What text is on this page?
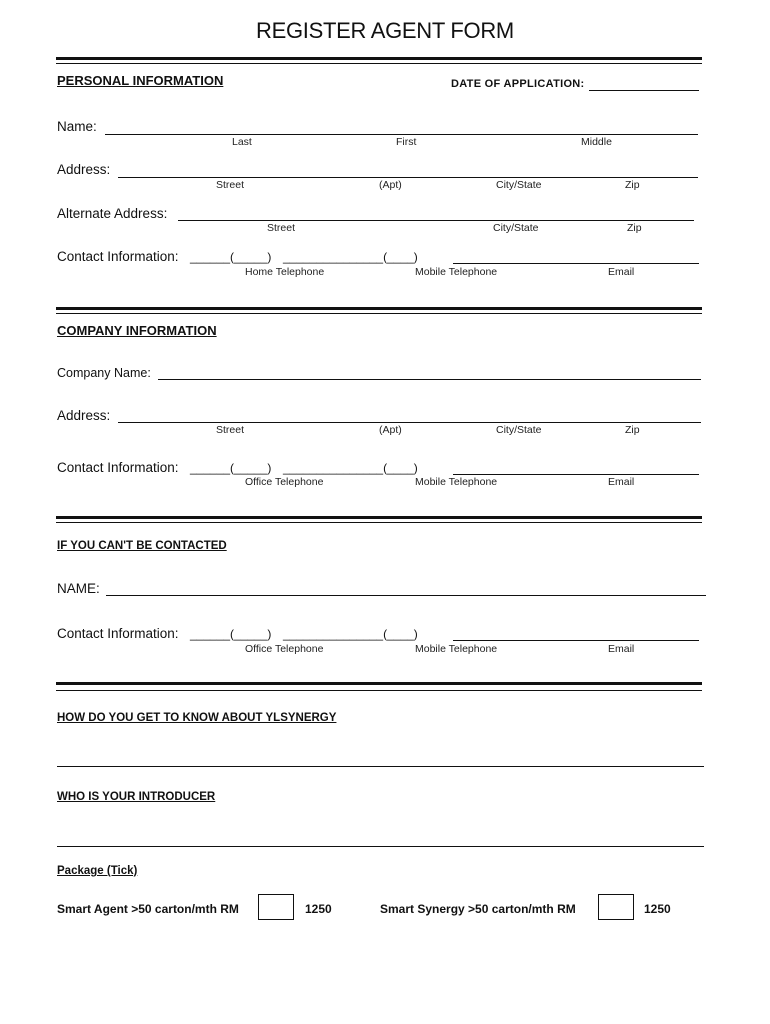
REGISTER AGENT FORM
PERSONAL INFORMATION	DATE OF APPLICATION:
Name:
Last	First	Middle
Address:
Street	(Apt)	City/State	Zip
Alternate Address:
Street	City/State	Zip
Contact Information: ______(_____) _______________(____)
Home Telephone	Mobile Telephone	Email
COMPANY INFORMATION
Company Name:
Address:
Street	(Apt)	City/State	Zip
Contact Information: ______(_____) _______________(____)
Office Telephone	Mobile Telephone	Email
IF YOU CAN'T BE CONTACTED
NAME:
Contact Information: ______(_____) _______________(____)
Office Telephone	Mobile Telephone	Email
HOW DO YOU GET TO KNOW ABOUT YLSYNERGY
WHO IS YOUR INTRODUCER
Package (Tick)
Smart Agent >50 carton/mth RM	1250	Smart Synergy >50 carton/mth RM	1250
